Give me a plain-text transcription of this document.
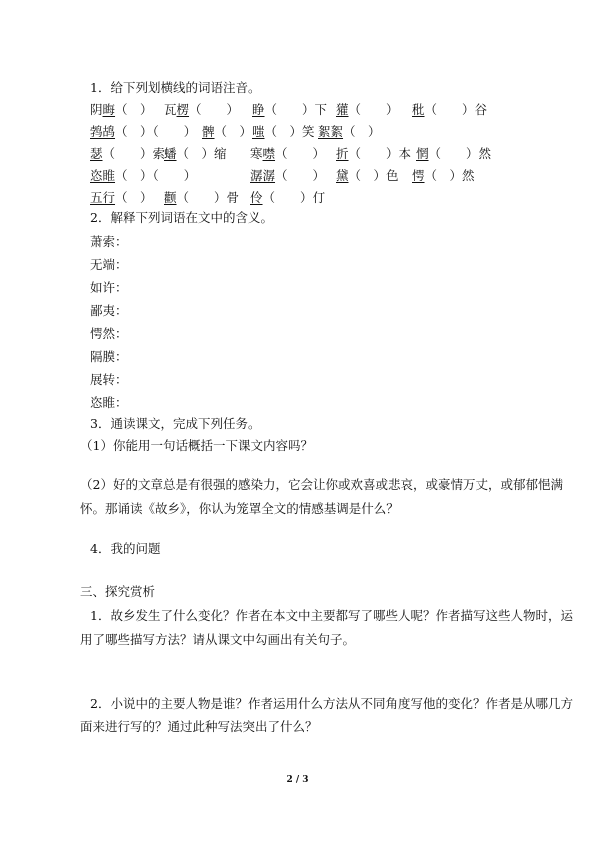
1．给下列划横线的词语注音。
阴晦（　） 瓦楞（　　） 睁（　　）下 獾（　　） 秕（　　）谷
鹁鸪（　）（　　） 髀（　） 嗤（　）笑 絮絮（　）
瑟（　　）索
蟠（　）缩 寒噤（　　） 折（　　）本 惘（　　）然
恣睢（　）（　　）	潺潺（　　） 黛（　）色 愕（　）然
五行（　） 颧（　　）骨 伶（　　）仃
2．解释下列词语在文中的含义。
萧索：
无端：
如许：
鄙夷：
愕然：
隔膜：
展转：
恣睢：
3．通读课文，完成下列任务。
（1）你能用一句话概括一下课文内容吗？
（2）好的文章总是有很强的感染力，它会让你或欢喜或悲哀，或豪情万丈，或郁郁悒满
怀。那诵读《故乡》，你认为笼罩全文的情感基调是什么？
4．我的问题
三、探究赏析
1．故乡发生了什么变化？作者在本文中主要都写了哪些人呢？作者描写这些人物时，运
用了哪些描写方法？请从课文中勾画出有关句子。
2．小说中的主要人物是谁？作者运用什么方法从不同角度写他的变化？作者是从哪几方
面来进行写的？通过此种写法突出了什么？
2 / 3
